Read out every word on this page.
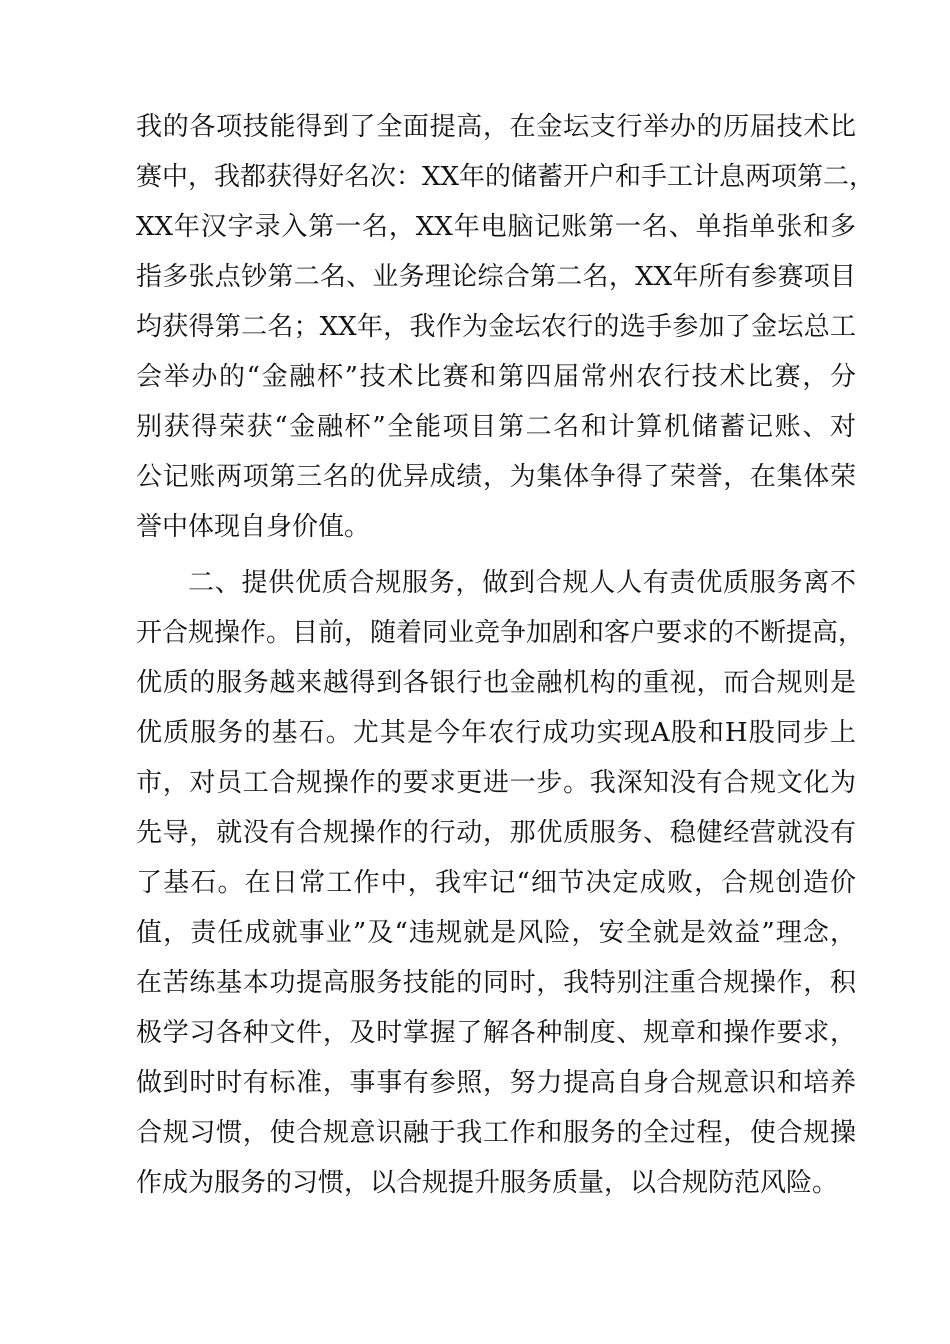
我的各项技能得到了全面提高，在金坛支行举办的历届技术比
赛中，我都获得好名次：XX年的储蓄开户和手工计息两项第二，
XX年汉字录入第一名，XX年电脑记账第一名、单指单张和多
指多张点钞第二名、业务理论综合第二名，XX年所有参赛项目
均获得第二名；XX年，我作为金坛农行的选手参加了金坛总工
会举办的“金融杯”技术比赛和第四届常州农行技术比赛，分
别获得荣获“金融杯”全能项目第二名和计算机储蓄记账、对
公记账两项第三名的优异成绩，为集体争得了荣誉，在集体荣
誉中体现自身价值。
二、提供优质合规服务，做到合规人人有责优质服务离不
开合规操作。目前，随着同业竞争加剧和客户要求的不断提高，
优质的服务越来越得到各银行也金融机构的重视，而合规则是
优质服务的基石。尤其是今年农行成功实现A股和H股同步上
市，对员工合规操作的要求更进一步。我深知没有合规文化为
先导，就没有合规操作的行动，那优质服务、稳健经营就没有
了基石。在日常工作中，我牢记“细节决定成败，合规创造价
值，责任成就事业”及“违规就是风险，安全就是效益”理念，
在苦练基本功提高服务技能的同时，我特别注重合规操作，积
极学习各种文件，及时掌握了解各种制度、规章和操作要求，
做到时时有标准，事事有参照，努力提高自身合规意识和培养
合规习惯，使合规意识融于我工作和服务的全过程，使合规操
作成为服务的习惯，以合规提升服务质量，以合规防范风险。
